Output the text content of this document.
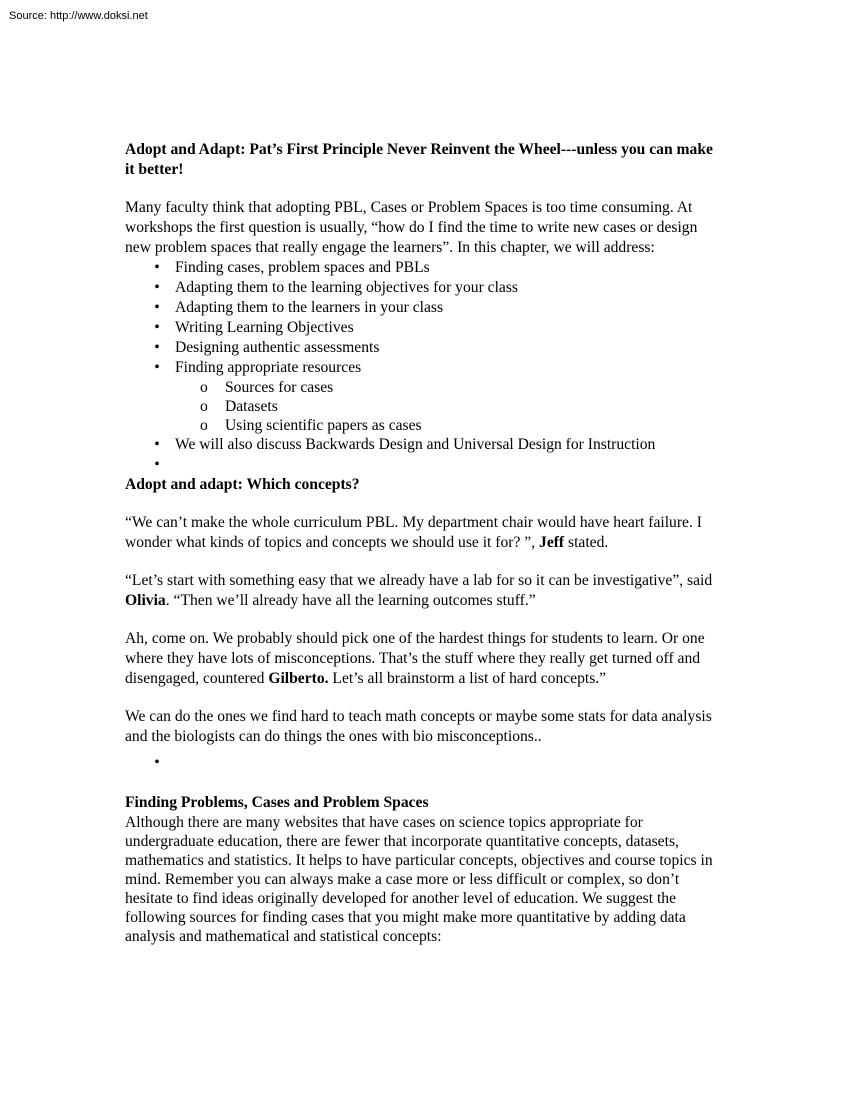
Source: http://www.doksi.net

Adopt and Adapt: Pat’s First Principle Never Reinvent the Wheel---unless you can make it better!

Many faculty think that adopting PBL, Cases or Problem Spaces is too time consuming. At workshops the first question is usually, “how do I find the time to write new cases or design new problem spaces that really engage the learners”. In this chapter, we will address:

• Finding cases, problem spaces and PBLs
• Adapting them to the learning objectives for your class
• Adapting them to the learners in your class
• Writing Learning Objectives
• Designing authentic assessments
• Finding appropriate resources
o Sources for cases
o Datasets
o Using scientific papers as cases
• We will also discuss Backwards Design and Universal Design for Instruction
•

Adopt and adapt: Which concepts?

“We can’t make the whole curriculum PBL. My department chair would have heart failure. I wonder what kinds of topics and concepts we should use it for? ”, Jeff stated.

“Let’s start with something easy that we already have a lab for so it can be investigative”, said Olivia. “Then we’ll already have all the learning outcomes stuff.”

Ah, come on. We probably should pick one of the hardest things for students to learn. Or one where they have lots of misconceptions. That’s the stuff where they really get turned off and disengaged, countered Gilberto. Let’s all brainstorm a list of hard concepts.”

We can do the ones we find hard to teach math concepts or maybe some stats for data analysis and the biologists can do things the ones with bio misconceptions..

•

Finding Problems, Cases and Problem Spaces

Although there are many websites that have cases on science topics appropriate for undergraduate education, there are fewer that incorporate quantitative concepts, datasets, mathematics and statistics. It helps to have particular concepts, objectives and course topics in mind. Remember you can always make a case more or less difficult or complex, so don’t hesitate to find ideas originally developed for another level of education. We suggest the following sources for finding cases that you might make more quantitative by adding data analysis and mathematical and statistical concepts:
